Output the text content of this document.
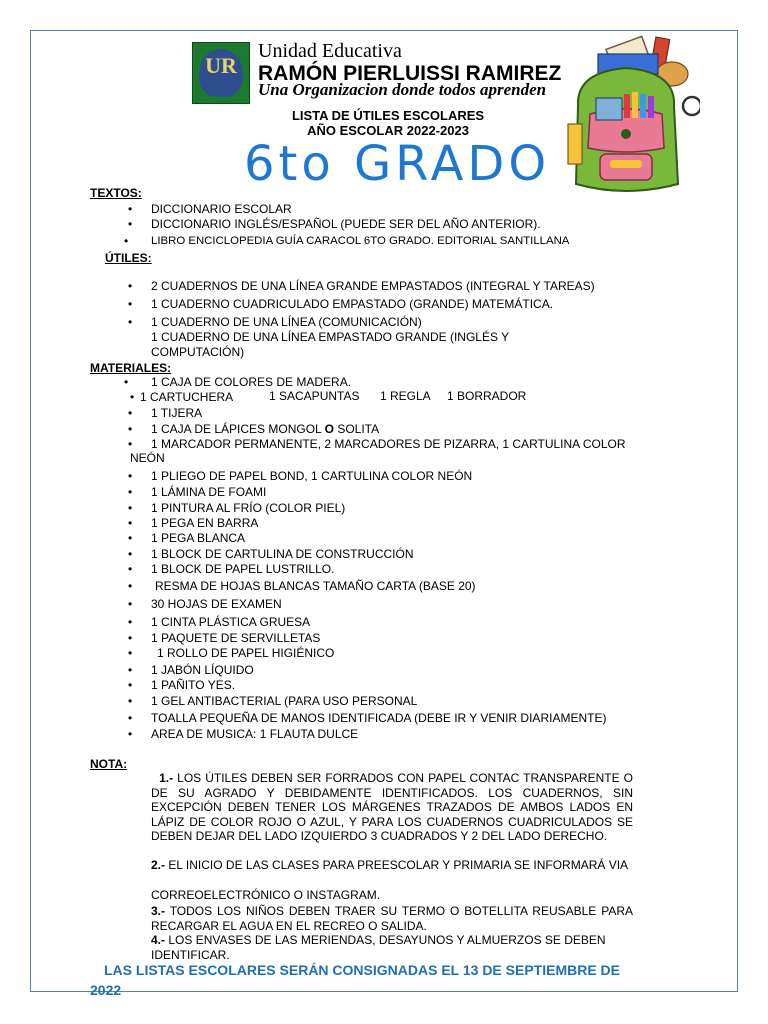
UR
Unidad Educativa
RAMÓN PIERLUISSI RAMIREZ
Una Organizacion donde todos aprenden
LISTA DE ÚTILES ESCOLARES
AÑO ESCOLAR 2022-2023
6to GRADO
TEXTOS:
• DICCIONARIO ESCOLAR
• DICCIONARIO INGLÉS/ESPAÑOL (PUEDE SER DEL AÑO ANTERIOR).
• LIBRO ENCICLOPEDIA GUÍA CARACOL 6TO GRADO. EDITORIAL SANTILLANA
ÚTILES:
• 2 CUADERNOS DE UNA LÍNEA GRANDE EMPASTADOS (INTEGRAL Y TAREAS)
• 1 CUADERNO CUADRICULADO EMPASTADO (GRANDE) MATEMÁTICA.
• 1 CUADERNO DE UNA LÍNEA (COMUNICACIÓN)
1 CUADERNO DE UNA LÍNEA EMPASTADO GRANDE (INGLÉS Y
COMPUTACIÓN)
MATERIALES:
• 1 CAJA DE COLORES DE MADERA.
• 1 CARTUCHERA	1 SACAPUNTAS 1 REGLA 1 BORRADOR
• 1 TIJERA
• 1 CAJA DE LÁPICES MONGOL O SOLITA
• 1 MARCADOR PERMANENTE, 2 MARCADORES DE PIZARRA, 1 CARTULINA COLOR
NEÓN
• 1 PLIEGO DE PAPEL BOND, 1 CARTULINA COLOR NEÓN
• 1 LÁMINA DE FOAMI
• 1 PINTURA AL FRÍO (COLOR PIEL)
• 1 PEGA EN BARRA
• 1 PEGA BLANCA
• 1 BLOCK DE CARTULINA DE CONSTRUCCIÓN
• 1 BLOCK DE PAPEL LUSTRILLO.
• RESMA DE HOJAS BLANCAS TAMAÑO CARTA (BASE 20)
• 30 HOJAS DE EXAMEN
• 1 CINTA PLÁSTICA GRUESA
• 1 PAQUETE DE SERVILLETAS
• 1 ROLLO DE PAPEL HIGIÉNICO
• 1 JABÓN LÍQUIDO
• 1 PAÑITO YES.
• 1 GEL ANTIBACTERIAL (PARA USO PERSONAL
• TOALLA PEQUEÑA DE MANOS IDENTIFICADA (DEBE IR Y VENIR DIARIAMENTE)
• AREA DE MUSICA: 1 FLAUTA DULCE
NOTA:
1.- LOS ÚTILES DEBEN SER FORRADOS CON PAPEL CONTAC TRANSPARENTE O DE SU AGRADO Y DEBIDAMENTE IDENTIFICADOS. LOS CUADERNOS, SIN EXCEPCIÓN DEBEN TENER LOS MÁRGENES TRAZADOS DE AMBOS LADOS EN LÁPIZ DE COLOR ROJO O AZUL, Y PARA LOS CUADERNOS CUADRICULADOS SE DEBEN DEJAR DEL LADO IZQUIERDO 3 CUADRADOS Y 2 DEL LADO DERECHO.
2.- EL INICIO DE LAS CLASES PARA PREESCOLAR Y PRIMARIA SE INFORMARÁ VIA
CORREOELECTRÓNICO O INSTAGRAM.
3.- TODOS LOS NIÑOS DEBEN TRAER SU TERMO O BOTELLITA REUSABLE PARA RECARGAR EL AGUA EN EL RECREO O SALIDA.
4.- LOS ENVASES DE LAS MERIENDAS, DESAYUNOS Y ALMUERZOS SE DEBEN IDENTIFICAR.
LAS LISTAS ESCOLARES SERÁN CONSIGNADAS EL 13 DE SEPTIEMBRE DE
2022
